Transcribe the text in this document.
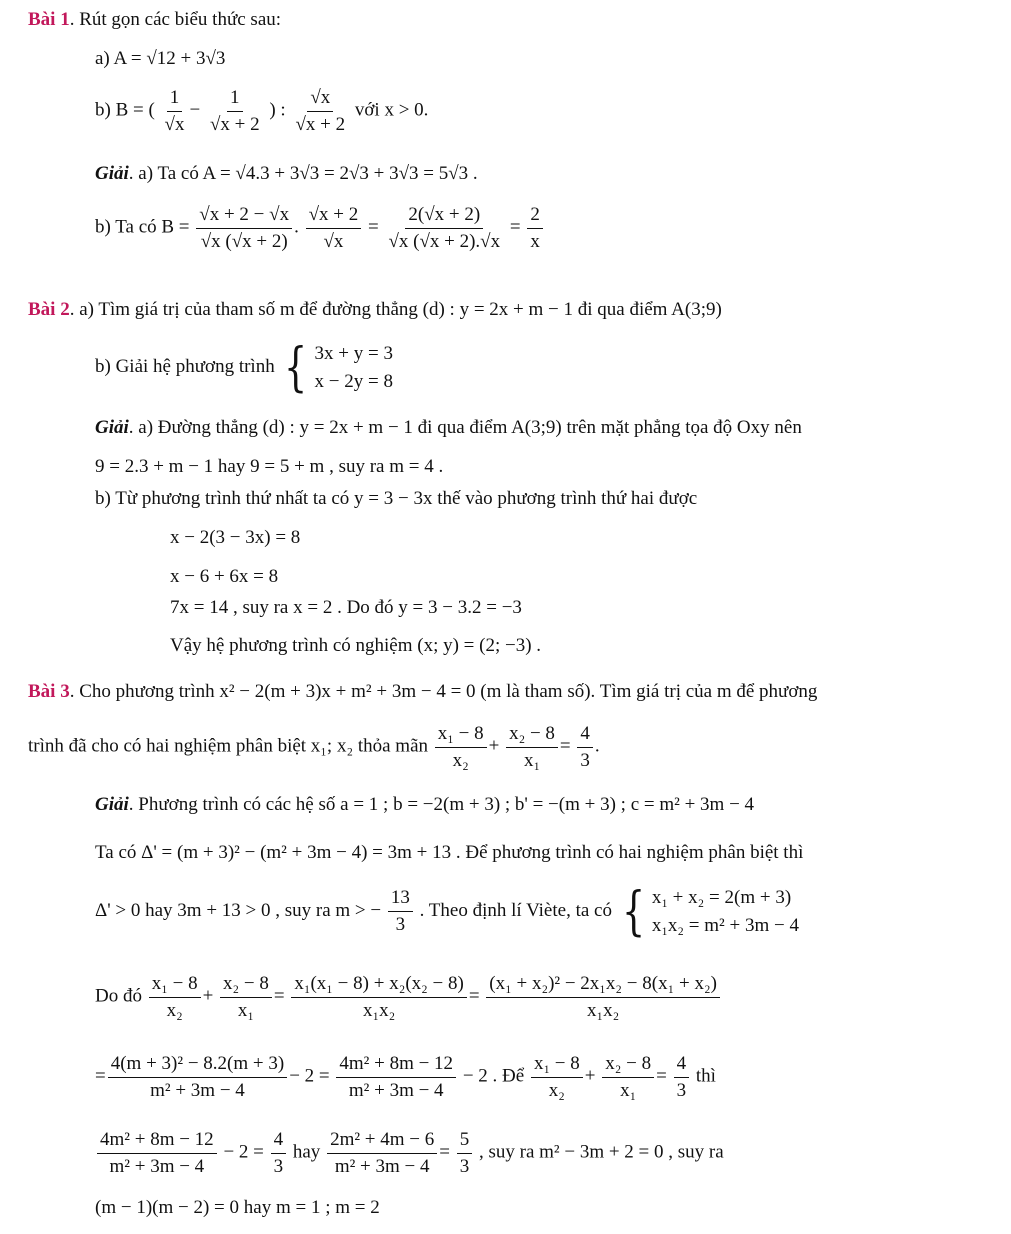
Bài 1. Rút gọn các biểu thức sau:
a) A = √12 + 3√3
b) B = ( $\frac{1}{√x} - \frac{1}{√x + 2}$ ) : $\frac{√x}{√x + 2}$ với x > 0.
Giải. a) Ta có A = √4.3 + 3√3 = 2√3 + 3√3 = 5√3 .
b) Ta có $B = \frac{√x + 2 - √x}{√x (√x + 2)}$ . $\frac{√x + 2}{√x} = \frac{2(√x + 2)}{√x (√x + 2).√x} = \frac{2}{x}$
Bài 2. a) Tìm giá trị của tham số m để đường thẳng (d) : y = 2x + m − 1 đi qua điểm A(3;9)
b) Giải hệ phương trình { 3x + y = 3
x − 2y = 8
Giải. a) Đường thẳng (d) : y = 2x + m − 1 đi qua điểm A(3;9) trên mặt phẳng tọa độ Oxy nên
9 = 2.3 + m − 1 hay 9 = 5 + m , suy ra m = 4 .
b) Từ phương trình thứ nhất ta có y = 3 − 3x thế vào phương trình thứ hai được
x − 2(3 − 3x) = 8
x − 6 + 6x = 8
7x = 14 , suy ra x = 2 . Do đó y = 3 − 3.2 = −3
Vậy hệ phương trình có nghiệm (x; y) = (2; −3) .
Bài 3. Cho phương trình x² − 2(m + 3)x + m² + 3m − 4 = 0 (m là tham số). Tìm giá trị của m để phương
trình đã cho có hai nghiệm phân biệt x₁; x₂ thỏa mãn $\frac{\text{x₁ − 8}}{\text{x₂}} + \frac{\text{x₂ − 8}}{\text{x₁}} = \frac{4}{3}$ .
Giải. Phương trình có các hệ số a = 1 ; b = −2(m + 3) ; b' = −(m + 3) ; c = m² + 3m − 4
Ta có Δ' = (m + 3)² − (m² + 3m − 4) = 3m + 13 . Để phương trình có hai nghiệm phân biệt thì
Δ' > 0 hay 3m + 13 > 0 , suy ra m > − $\frac{13}{3}$ . Theo định lí Viète, ta có { x₁ + x₂ = 2(m + 3)
x₁x₂ = m² + 3m − 4
Do đó $\frac{\text{x₁ − 8}}{\text{x₂}} + \frac{\text{x₂ − 8}}{\text{x₁}} = \frac{\text{x₁(x₁ − 8) + x₂(x₂ − 8)}}{\text{x₁x₂}} = \frac{\text{(x₁ + x₂)² − 2x₁x₂ − 8(x₁ + x₂)}}{\text{x₁x₂}}$
= $\frac{\text{4(m + 3)² − 8.2(m + 3)}}{\text{m² + 3m − 4}} - 2 = \frac{\text{4m² + 8m − 12}}{\text{m² + 3m − 4}} - 2$ . Để $\frac{\text{x₁ − 8}}{\text{x₂}} + \frac{\text{x₂ − 8}}{\text{x₁}} = \frac{4}{3}$ thì
$\frac{\text{4m² + 8m − 12}}{\text{m² + 3m − 4}} - 2 = \frac{4}{3}$ hay $\frac{\text{2m² + 4m − 6}}{\text{m² + 3m − 4}} = \frac{5}{3}$ , suy ra m² − 3m + 2 = 0 , suy ra
(m − 1)(m − 2) = 0 hay m = 1 ; m = 2
